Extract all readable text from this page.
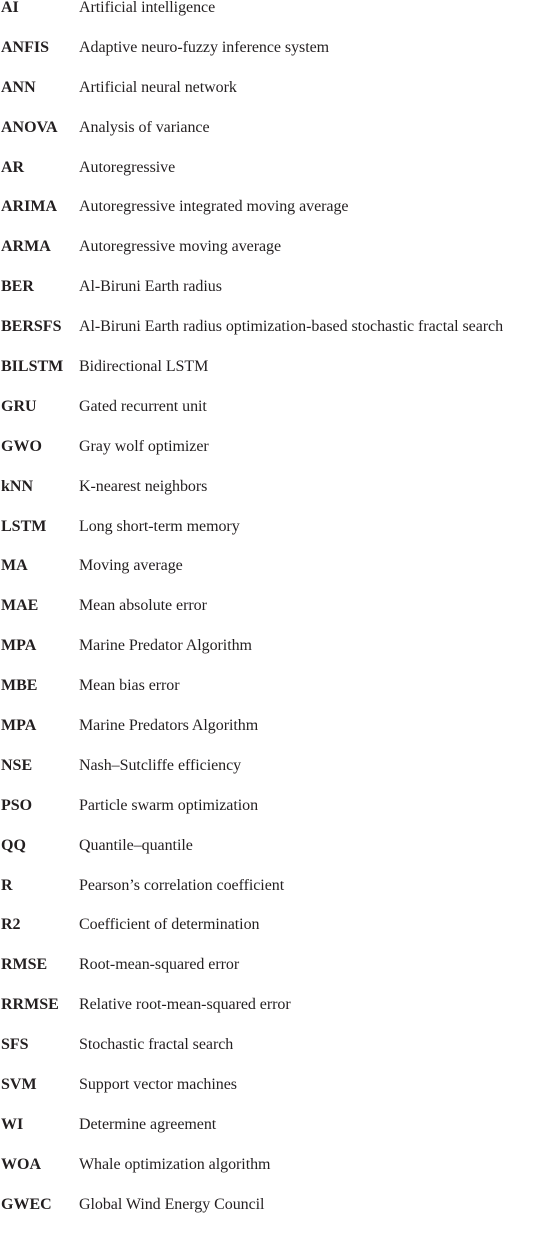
AI	Artificial intelligence
ANFIS	Adaptive neuro-fuzzy inference system
ANN	Artificial neural network
ANOVA	Analysis of variance
AR	Autoregressive
ARIMA	Autoregressive integrated moving average
ARMA	Autoregressive moving average
BER	Al-Biruni Earth radius
BERSFS	Al-Biruni Earth radius optimization-based stochastic fractal search
BILSTM Bidirectional LSTM
GRU	Gated recurrent unit
GWO	Gray wolf optimizer
kNN	K-nearest neighbors
LSTM	Long short-term memory
MA	Moving average
MAE	Mean absolute error
MPA	Marine Predator Algorithm
MBE	Mean bias error
MPA	Marine Predators Algorithm
NSE	Nash–Sutcliffe efficiency
PSO	Particle swarm optimization
QQ	Quantile–quantile
R	Pearson’s correlation coefficient
R2	Coefficient of determination
RMSE	Root-mean-squared error
RRMSE	Relative root-mean-squared error
SFS	Stochastic fractal search
SVM	Support vector machines
WI	Determine agreement
WOA	Whale optimization algorithm
GWEC	Global Wind Energy Council
